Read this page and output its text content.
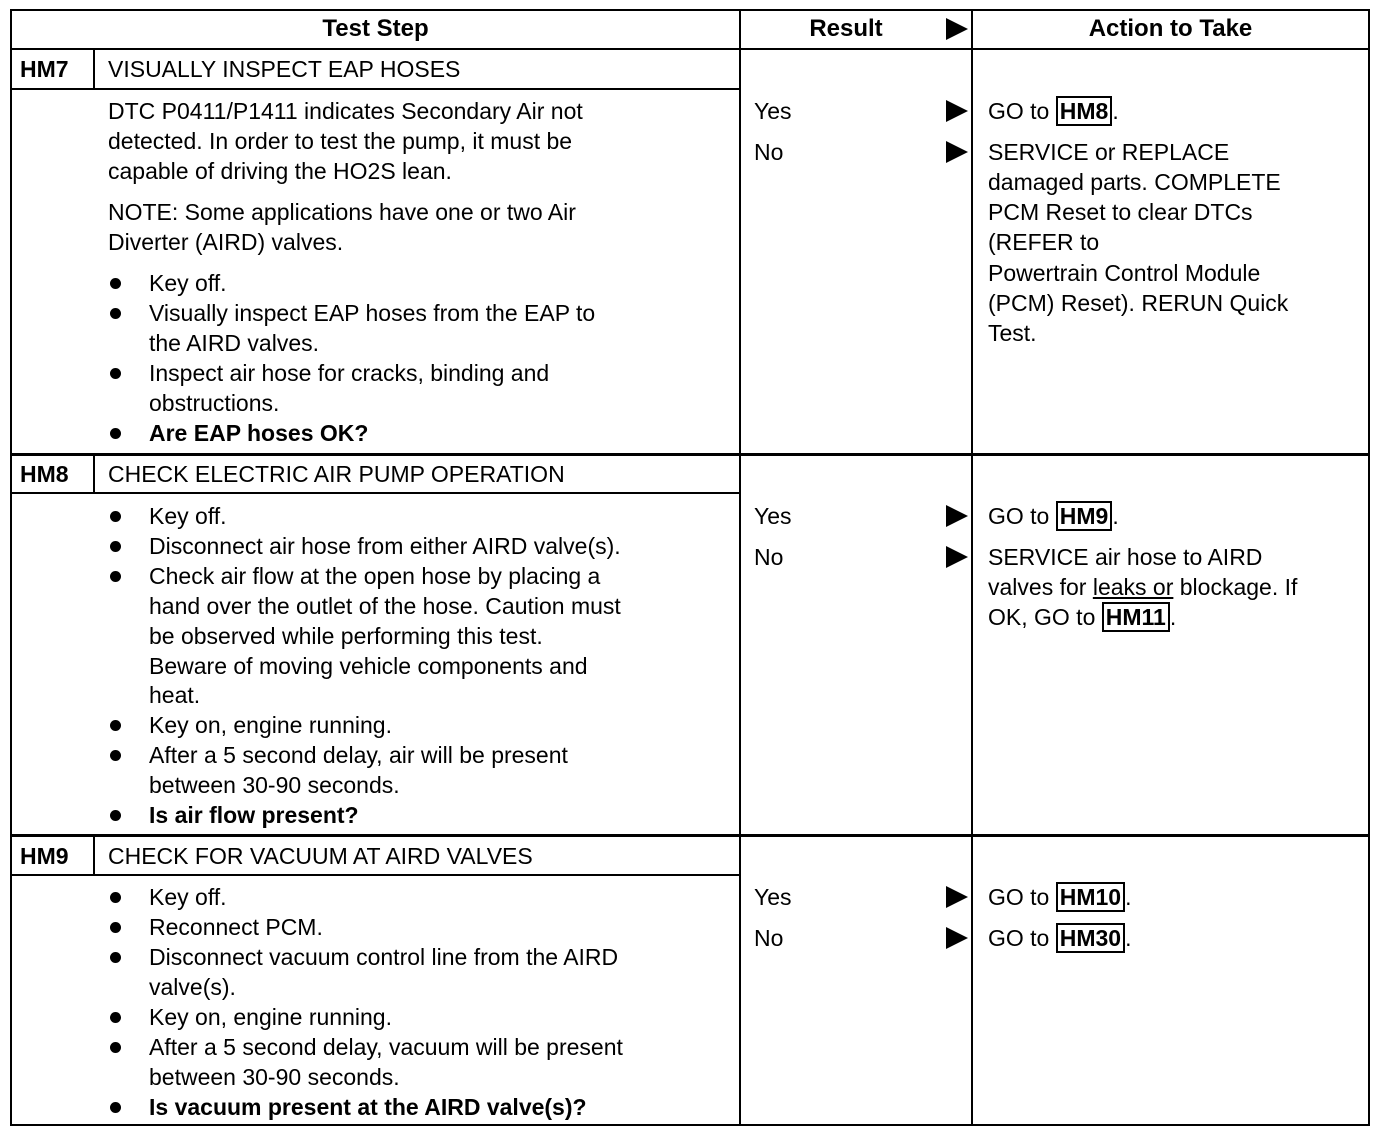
Test Step	Result	Action to Take
HM7 VISUALLY INSPECT EAP HOSES
DTC P0411/P1411 indicates Secondary Air not
detected. In order to test the pump, it must be
capable of driving the HO2S lean.
NOTE: Some applications have one or two Air
Diverter (AIRD) valves.
Key off.
Visually inspect EAP hoses from the EAP to
the AIRD valves.
Inspect air hose for cracks, binding and
obstructions.
Are EAP hoses OK?
Yes
No
GO to HM8 .
SERVICE or REPLACE
damaged parts. COMPLETE
PCM Reset to clear DTCs
(REFER to
Powertrain Control Module
(PCM) Reset). RERUN Quick
Test.
HM8 CHECK ELECTRIC AIR PUMP OPERATION
Key off.
Disconnect air hose from either AIRD valve(s).
Check air flow at the open hose by placing a
hand over the outlet of the hose. Caution must
be observed while performing this test.
Beware of moving vehicle components and
heat.
Key on, engine running.
After a 5 second delay, air will be present
between 30-90 seconds.
Is air flow present?
Yes
No
GO to HM9 .
SERVICE air hose to AIRD
valves for leaks or blockage. If
OK, GO to HM11 .
HM9 CHECK FOR VACUUM AT AIRD VALVES
Key off.
Reconnect PCM.
Disconnect vacuum control line from the AIRD
valve(s).
Key on, engine running.
After a 5 second delay, vacuum will be present
between 30-90 seconds.
Is vacuum present at the AIRD valve(s)?
Yes
No
GO to HM10 .
GO to HM30 .
